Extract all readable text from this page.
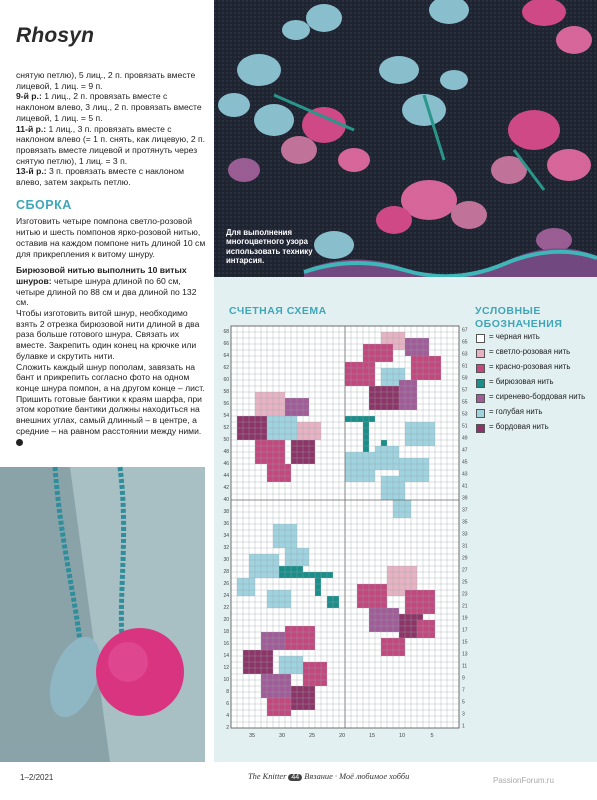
Rhosyn

снятую петлю), 5 лиц., 2 п. провязать вместе лицевой, 1 лиц. = 9 п.

9-й р.: 1 лиц., 2 п. провязать вместе с наклоном влево, 3 лиц., 2 п. провязать вместе лицевой, 1 лиц. = 5 п.

11-й р.: 1 лиц., 3 п. провязать вместе с наклоном влево (= 1 п. снять, как лицевую, 2 п. провязать вместе лицевой и протянуть через снятую петлю), 1 лиц. = 3 п.

13-й р.: 3 п. провязать вместе с наклоном влево, затем закрыть петлю.

СБОРКА

Изготовить четыре помпона светло-розовой нитью и шесть помпонов ярко-розовой нитью, оставив на каждом помпоне нить длиной 10 см для прикрепления к витому шнуру.

Бирюзовой нитью выполнить 10 витых шнуров: четыре шнура длиной по 60 см, четыре длиной по 88 см и два длиной по 132 см.

Чтобы изготовить витой шнур, необходимо взять 2 отрезка бирюзовой нити длиной в два раза больше готового шнура. Связать их вместе. Закрепить один конец на крючке или булавке и скрутить нити.

Сложить каждый шнур пополам, завязать на бант и прикрепить согласно фото на одном конце шнура помпон, а на другом конце – лист.

Пришить готовые бантики к краям шарфа, при этом короткие бантики должны находиться на внешних углах, самый длинный – в центре, а средние – на равном расстоянии между ними.

Для выполнения многоцветного узора использовать технику интарсия.
СЧЕТНАЯ СХЕМА	УСЛОВНЫЕ ОБОЗНАЧЕНИЯ
= черная нить
= светло-розовая нить
= красно-розовая нить
= бирюзовая нить
= сиренево-бордовая нить
= голубая нить
= бордовая нить
67
65
63
61
59
57
55
53
51
49
47
45
43
41
39
37
35
33
31
29
27
25
23
21
19
17
15
13
11
9
7
5
3
1
68
66
64
62
60
58
56
54
52
50
48
46
44
42
40
38
36
34
32
30
28
26
24
22
20
18
16
14
12
10
8
6
4
2
35	30	25	20	15	10	5
1–2/2021	The Knitter 44 Вязание · Моё любимое хобби	PassionForum.ru
